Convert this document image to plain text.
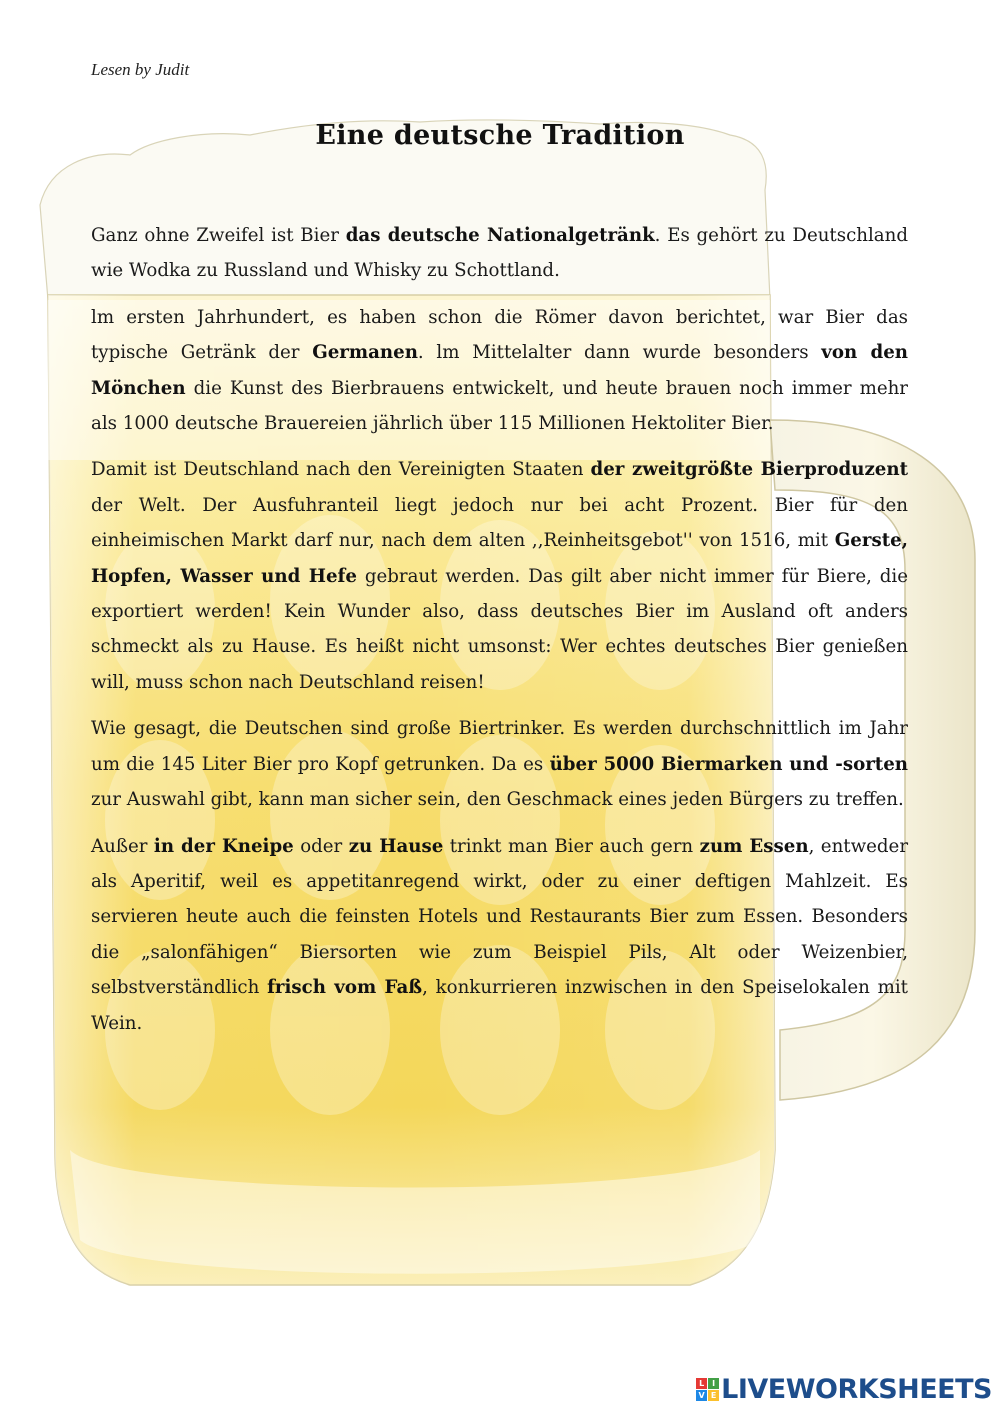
Lesen by Judit
Eine deutsche Tradition

Ganz ohne Zweifel ist Bier das deutsche Nationalgetränk. Es gehört zu Deutschland wie Wodka zu Russland und Whisky zu Schottland.

lm ersten Jahrhundert, es haben schon die Römer davon berichtet, war Bier das typische Getränk der Germanen. lm Mittelalter dann wurde besonders von den Mönchen die Kunst des Bierbrauens entwickelt, und heute brauen noch immer mehr als 1000 deutsche Brauereien jährlich über 115 Millionen Hektoliter Bier.

Damit ist Deutschland nach den Vereinigten Staaten der zweitgrößte Bierproduzent der Welt. Der Ausfuhranteil liegt jedoch nur bei acht Prozent. Bier für den einheimischen Markt darf nur, nach dem alten ,,Reinheitsgebot'' von 1516, mit Gerste, Hopfen, Wasser und Hefe gebraut werden. Das gilt aber nicht immer für Biere, die exportiert werden! Kein Wunder also, dass deutsches Bier im Ausland oft anders schmeckt als zu Hause. Es heißt nicht umsonst: Wer echtes deutsches Bier genießen will, muss schon nach Deutschland reisen!

Wie gesagt, die Deutschen sind große Biertrinker. Es werden durchschnittlich im Jahr um die 145 Liter Bier pro Kopf getrunken. Da es über 5000 Biermarken und -sorten zur Auswahl gibt, kann man sicher sein, den Geschmack eines jeden Bürgers zu treffen.

Außer in der Kneipe oder zu Hause trinkt man Bier auch gern zum Essen, entweder als Aperitif, weil es appetitanregend wirkt, oder zu einer deftigen Mahlzeit. Es servieren heute auch die feinsten Hotels und Restaurants Bier zum Essen. Besonders die „salonfähigen“ Biersorten wie zum Beispiel Pils, Alt oder Weizenbier, selbstverständlich frisch vom Faß, konkurrieren inzwischen in den Speiselokalen mit Wein.

L I
V E LIVEWORKSHEETS
